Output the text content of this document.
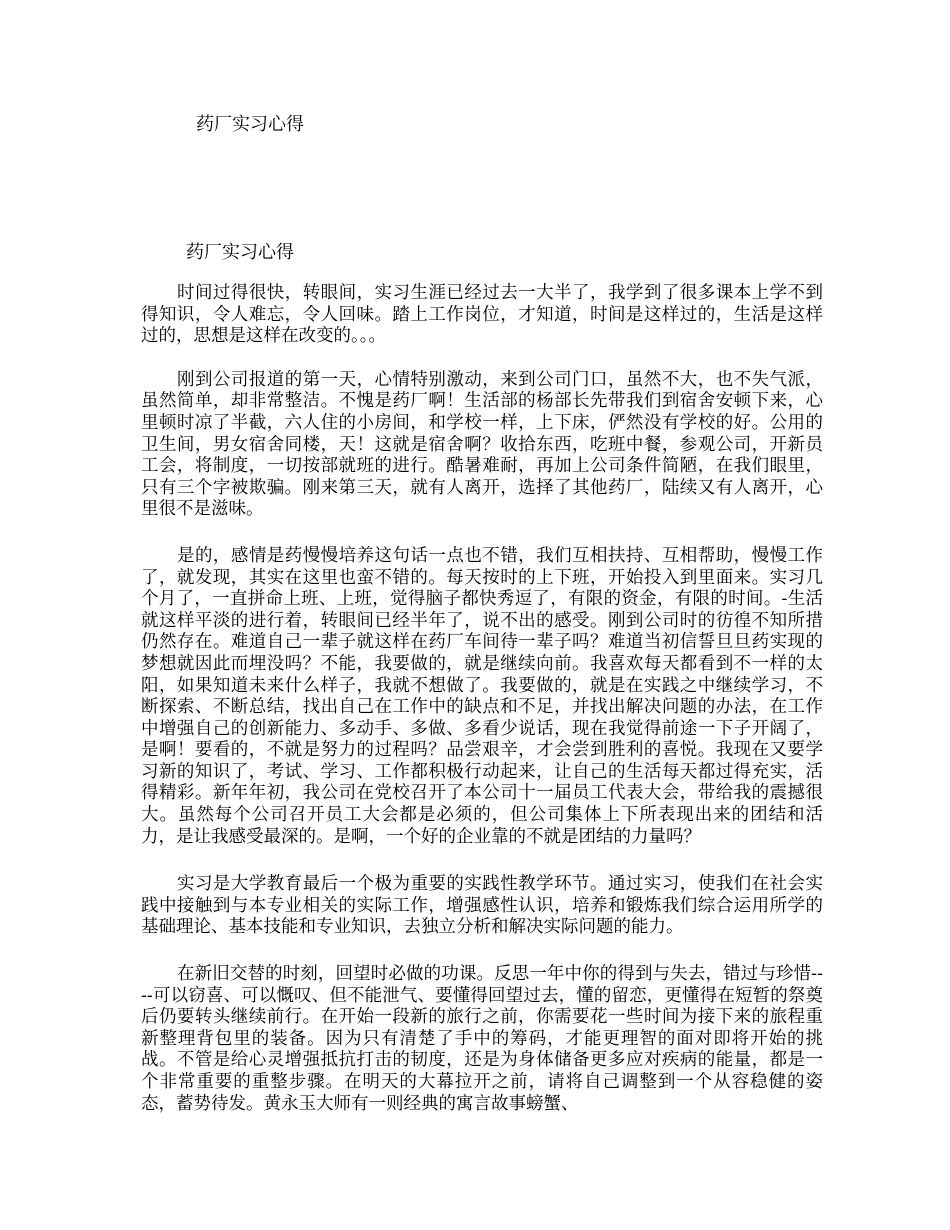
药厂实习心得
药厂实习心得

时间过得很快，转眼间，实习生涯已经过去一大半了，我学到了很多课本上学不到得知识，令人难忘，令人回味。踏上工作岗位，才知道，时间是这样过的，生活是这样过的，思想是这样在改变的。。。

刚到公司报道的第一天，心情特别激动，来到公司门口，虽然不大，也不失气派，虽然简单，却非常整洁。不愧是药厂啊！生活部的杨部长先带我们到宿舍安顿下来，心里顿时凉了半截，六人住的小房间，和学校一样，上下床，俨然没有学校的好。公用的卫生间，男女宿舍同楼，天！这就是宿舍啊？收拾东西，吃班中餐，参观公司，开新员工会，将制度，一切按部就班的进行。酷暑难耐，再加上公司条件简陋，在我们眼里，只有三个字被欺骗。刚来第三天，就有人离开，选择了其他药厂，陆续又有人离开，心里很不是滋味。

是的，感情是药慢慢培养这句话一点也不错，我们互相扶持、互相帮助，慢慢工作了，就发现，其实在这里也蛮不错的。每天按时的上下班，开始投入到里面来。实习几个月了，一直拼命上班、上班，觉得脑子都快秀逗了，有限的资金，有限的时间。-生活就这样平淡的进行着，转眼间已经半年了，说不出的感受。刚到公司时的彷徨不知所措仍然存在。难道自己一辈子就这样在药厂车间待一辈子吗？难道当初信誓旦旦药实现的梦想就因此而埋没吗？不能，我要做的，就是继续向前。我喜欢每天都看到不一样的太阳，如果知道未来什么样子，我就不想做了。我要做的，就是在实践之中继续学习，不断探索、不断总结，找出自己在工作中的缺点和不足，并找出解决问题的办法，在工作中增强自己的创新能力、多动手、多做、多看少说话，现在我觉得前途一下子开阔了，是啊！要看的，不就是努力的过程吗？品尝艰辛，才会尝到胜利的喜悦。我现在又要学习新的知识了，考试、学习、工作都积极行动起来，让自己的生活每天都过得充实，活得精彩。新年年初，我公司在党校召开了本公司十一届员工代表大会，带给我的震撼很大。虽然每个公司召开员工大会都是必须的，但公司集体上下所表现出来的团结和活力，是让我感受最深的。是啊，一个好的企业靠的不就是团结的力量吗？

实习是大学教育最后一个极为重要的实践性教学环节。通过实习，使我们在社会实践中接触到与本专业相关的实际工作，增强感性认识，培养和锻炼我们综合运用所学的基础理论、基本技能和专业知识，去独立分析和解决实际问题的能力。

在新旧交替的时刻，回望时必做的功课。反思一年中你的得到与失去，错过与珍惜----可以窃喜、可以慨叹、但不能泄气、要懂得回望过去，懂的留恋，更懂得在短暂的祭奠后仍要转头继续前行。在开始一段新的旅行之前，你需要花一些时间为接下来的旅程重新整理背包里的装备。因为只有清楚了手中的筹码，才能更理智的面对即将开始的挑战。不管是给心灵增强抵抗打击的韧度，还是为身体储备更多应对疾病的能量，都是一个非常重要的重整步骤。在明天的大幕拉开之前，请将自己调整到一个从容稳健的姿态，蓄势待发。黄永玉大师有一则经典的寓言故事螃蟹、
